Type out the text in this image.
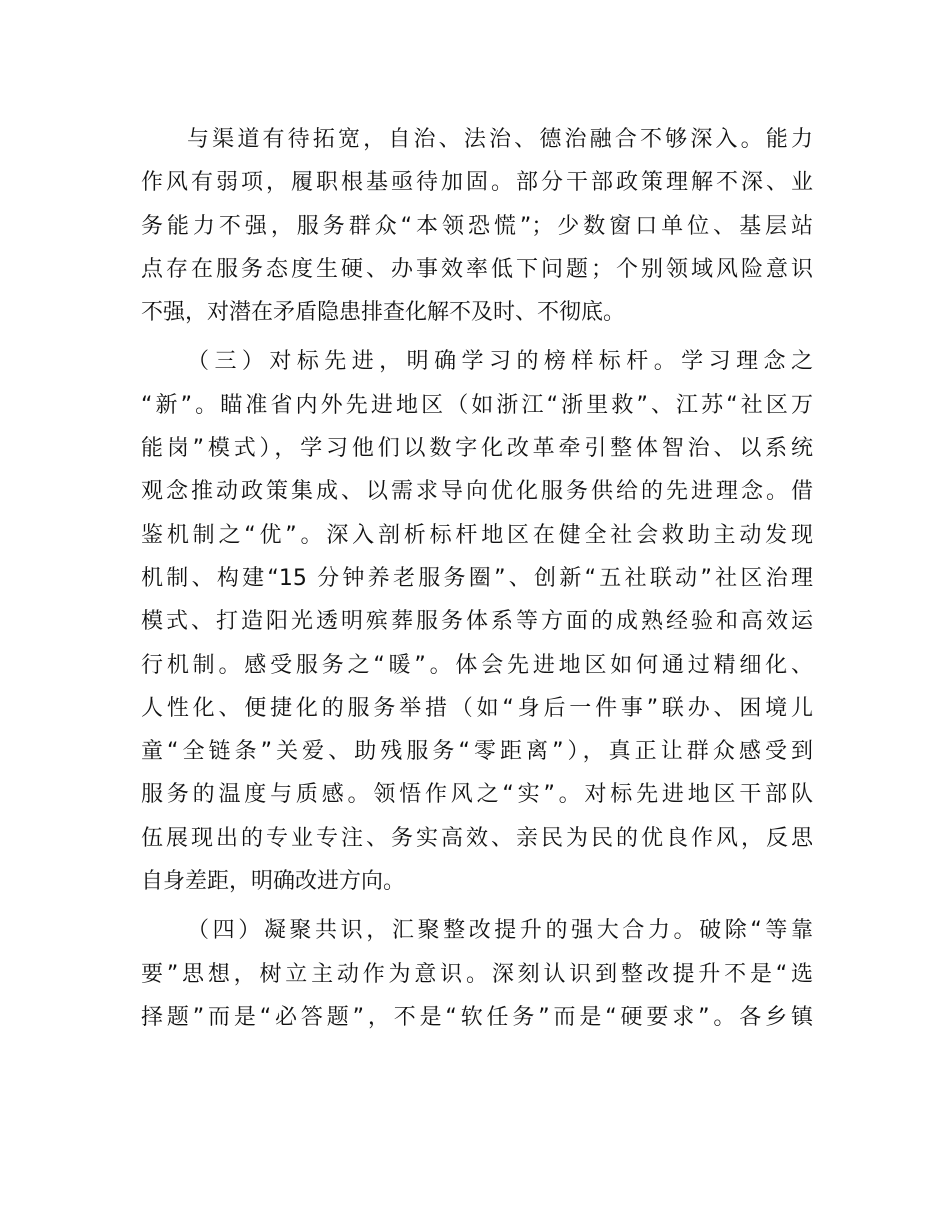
与渠道有待拓宽，自治、法治、德治融合不够深入。能力
作风有弱项，履职根基亟待加固。部分干部政策理解不深、业
务能力不强，服务群众“本领恐慌”；少数窗口单位、基层站
点存在服务态度生硬、办事效率低下问题；个别领域风险意识
不强，对潜在矛盾隐患排查化解不及时、不彻底。
（三）对标先进，明确学习的榜样标杆。学习理念之
“新”。瞄准省内外先进地区（如浙江“浙里救”、江苏“社区万
能岗”模式），学习他们以数字化改革牵引整体智治、以系统
观念推动政策集成、以需求导向优化服务供给的先进理念。借
鉴机制之“优”。深入剖析标杆地区在健全社会救助主动发现
机制、构建“15 分钟养老服务圈”、创新“五社联动”社区治理
模式、打造阳光透明殡葬服务体系等方面的成熟经验和高效运
行机制。感受服务之“暖”。体会先进地区如何通过精细化、
人性化、便捷化的服务举措（如“身后一件事”联办、困境儿
童“全链条”关爱、助残服务“零距离”），真正让群众感受到
服务的温度与质感。领悟作风之“实”。对标先进地区干部队
伍展现出的专业专注、务实高效、亲民为民的优良作风，反思
自身差距，明确改进方向。
（四）凝聚共识，汇聚整改提升的强大合力。破除“等靠
要”思想，树立主动作为意识。深刻认识到整改提升不是“选
择题”而是“必答题”，不是“软任务”而是“硬要求”。各乡镇
